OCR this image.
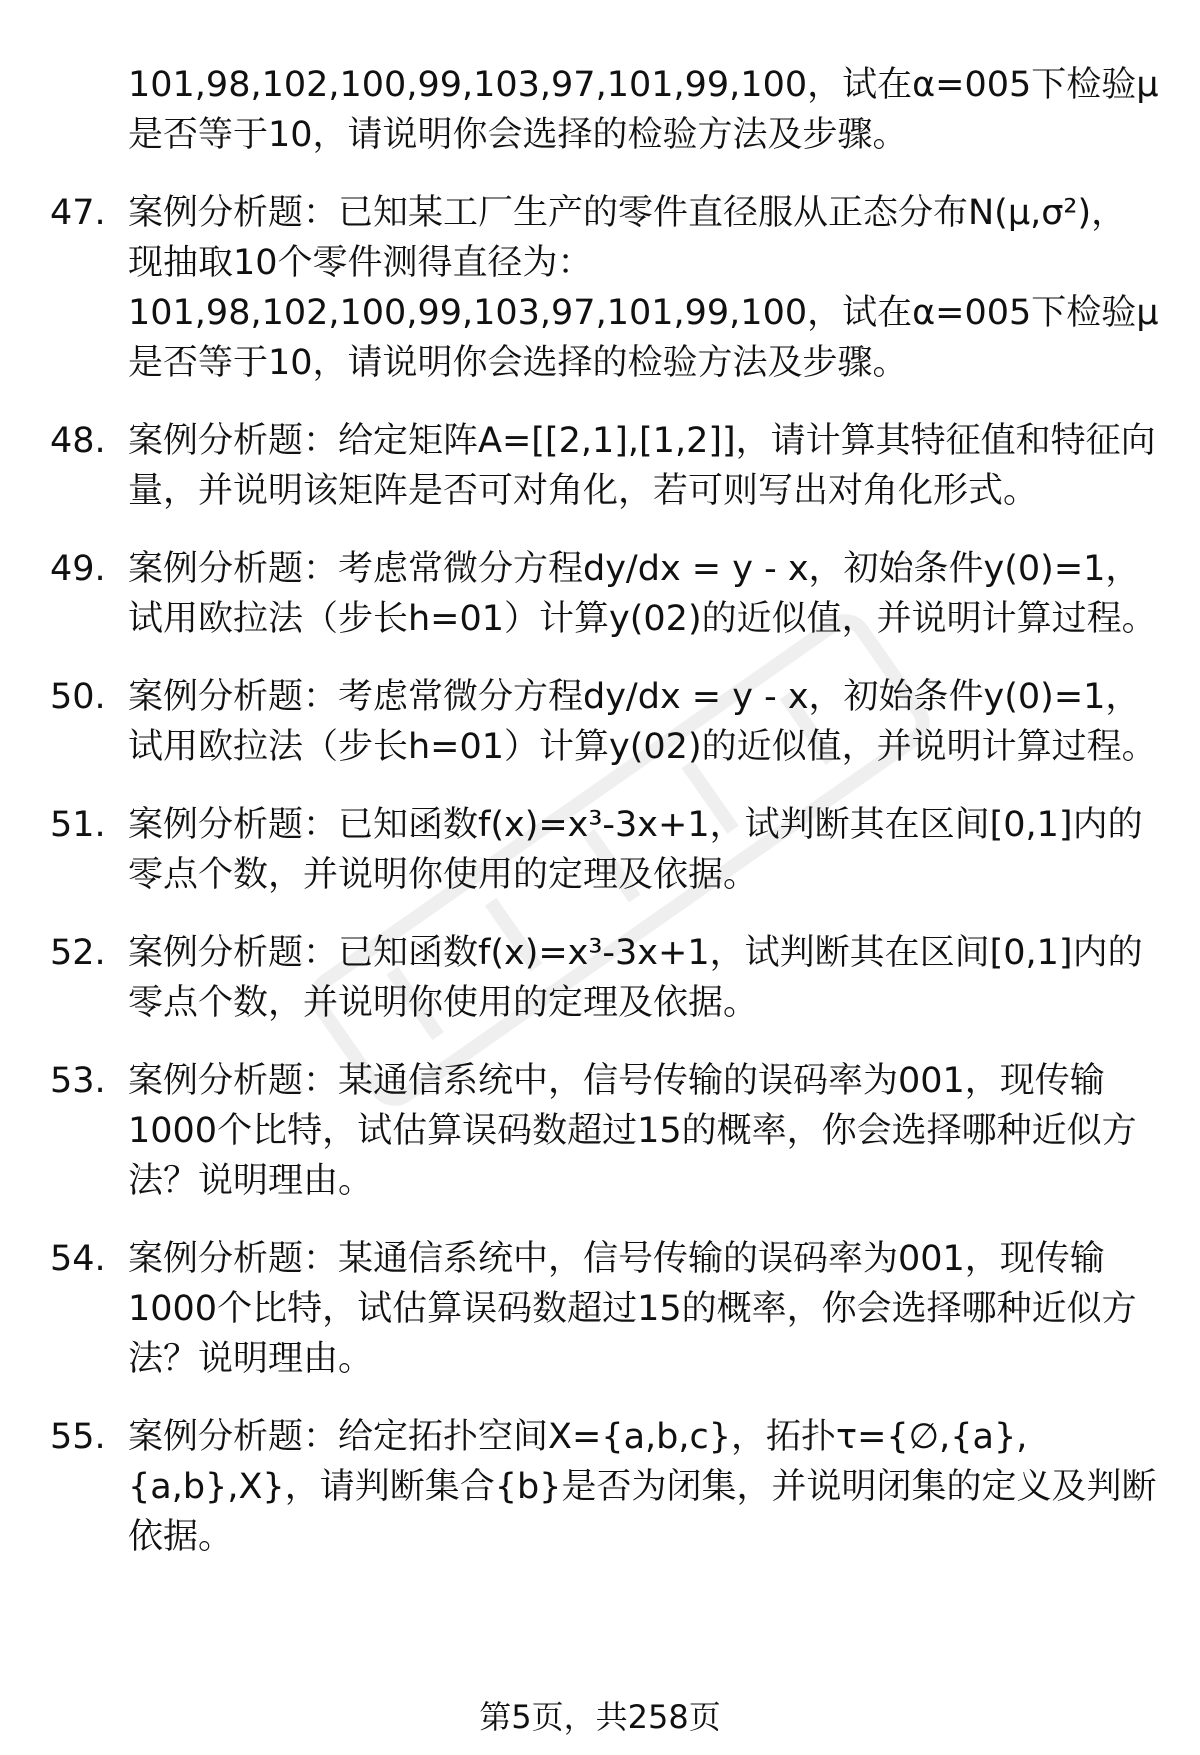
101,98,102,100,99,103,97,101,99,100，试在α=005下检验μ是否等于10，请说明你会选择的检验方法及步骤。
47. 案例分析题：已知某工厂生产的零件直径服从正态分布N(μ,σ²)，现抽取10个零件测得直径为：101,98,102,100,99,103,97,101,99,100，试在α=005下检验μ是否等于10，请说明你会选择的检验方法及步骤。
48. 案例分析题：给定矩阵A=[[2,1],[1,2]]，请计算其特征值和特征向量，并说明该矩阵是否可对角化，若可则写出对角化形式。
49. 案例分析题：考虑常微分方程dy/dx = y - x，初始条件y(0)=1，试用欧拉法（步长h=01）计算y(02)的近似值，并说明计算过程。
50. 案例分析题：考虑常微分方程dy/dx = y - x，初始条件y(0)=1，试用欧拉法（步长h=01）计算y(02)的近似值，并说明计算过程。
51. 案例分析题：已知函数f(x)=x³-3x+1，试判断其在区间[0,1]内的零点个数，并说明你使用的定理及依据。
52. 案例分析题：已知函数f(x)=x³-3x+1，试判断其在区间[0,1]内的零点个数，并说明你使用的定理及依据。
53. 案例分析题：某通信系统中，信号传输的误码率为001，现传输1000个比特，试估算误码数超过15的概率，你会选择哪种近似方法？说明理由。
54. 案例分析题：某通信系统中，信号传输的误码率为001，现传输1000个比特，试估算误码数超过15的概率，你会选择哪种近似方法？说明理由。
55. 案例分析题：给定拓扑空间X={a,b,c}，拓扑τ={∅,{a},{a,b},X}，请判断集合{b}是否为闭集，并说明闭集的定义及判断依据。
第5页，共258页
